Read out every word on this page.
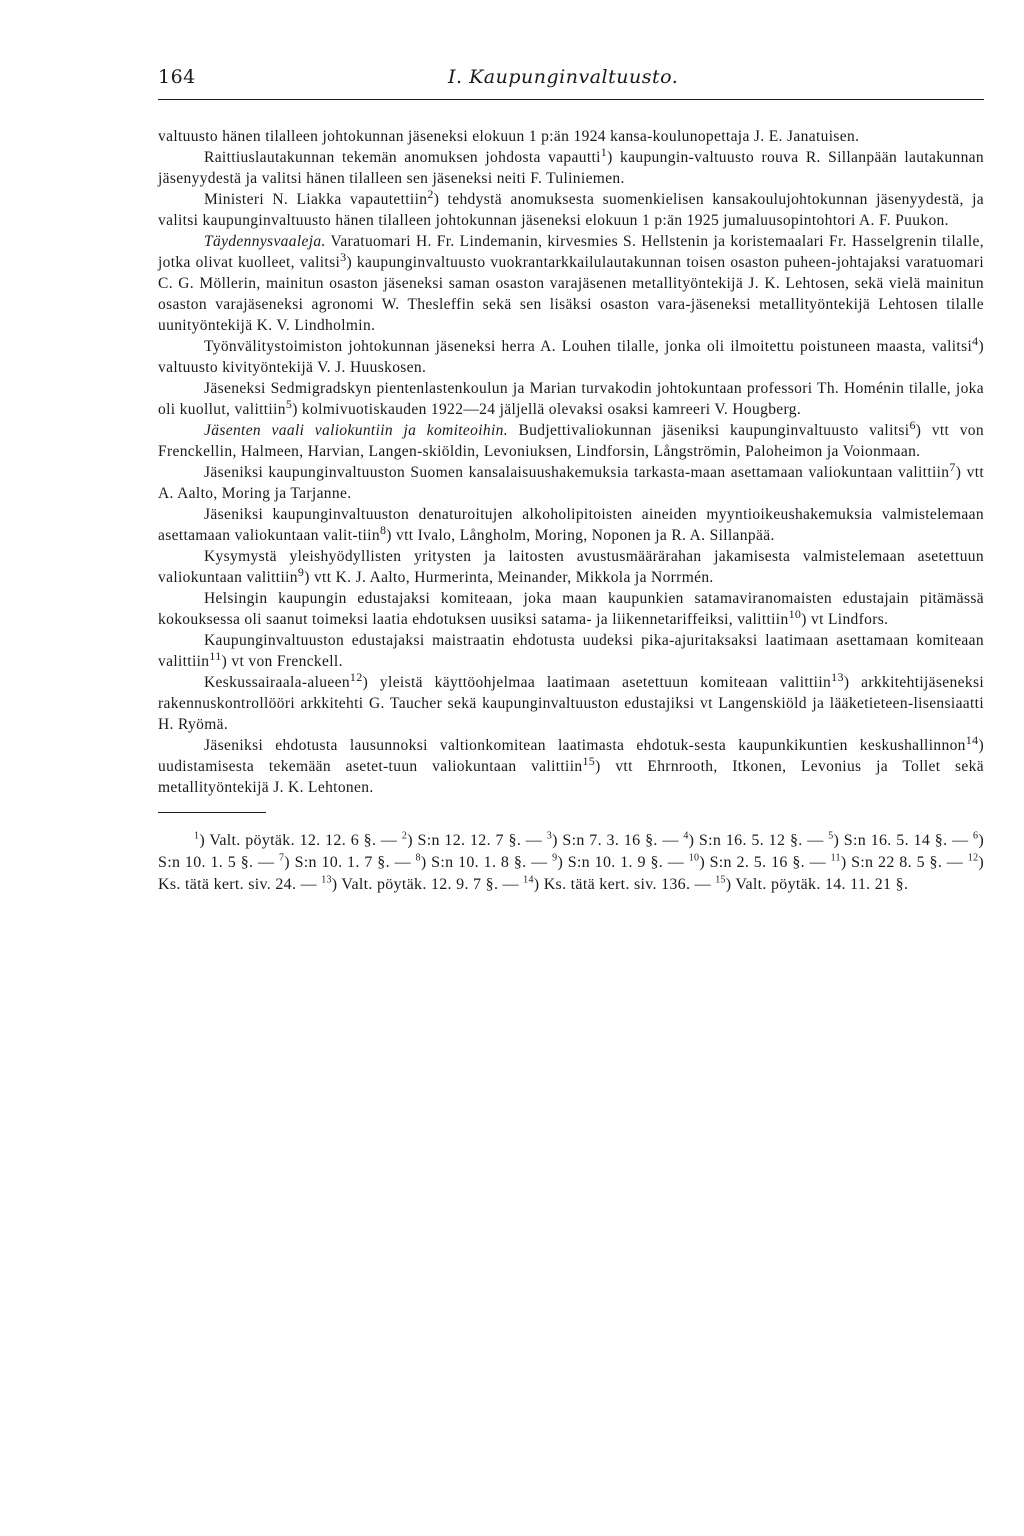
164	I. Kaupunginvaltuusto.

valtuusto hänen tilalleen johtokunnan jäseneksi elokuun 1 p:än 1924 kansa-koulunopettaja J. E. Janatuisen.

Raittiuslautakunnan tekemän anomuksen johdosta vapautti$^1$) kaupungin-valtuusto rouva R. Sillanpään lautakunnan jäsenyydestä ja valitsi hänen tilalleen sen jäseneksi neiti F. Tuliniemen.

Ministeri N. Liakka vapautettiin$^2$) tehdystä anomuksesta suomenkielisen kansakoulujohtokunnan jäsenyydestä, ja valitsi kaupunginvaltuusto hänen tilalleen johtokunnan jäseneksi elokuun 1 p:än 1925 jumaluusopintohtori A. F. Puukon.

Täydennysvaaleja. Varatuomari H. Fr. Lindemanin, kirvesmies S. Hellstenin ja koristemaalari Fr. Hasselgrenin tilalle, jotka olivat kuolleet, valitsi$^3$) kaupunginvaltuusto vuokrantarkkailulautakunnan toisen osaston puheen-johtajaksi varatuomari C. G. Möllerin, mainitun osaston jäseneksi saman osaston varajäsenen metallityöntekijä J. K. Lehtosen, sekä vielä mainitun osaston varajäseneksi agronomi W. Thesleffin sekä sen lisäksi osaston vara-jäseneksi metallityöntekijä Lehtosen tilalle uunityöntekijä K. V. Lindholmin.

Työnvälitystoimiston johtokunnan jäseneksi herra A. Louhen tilalle, jonka oli ilmoitettu poistuneen maasta, valitsi$^4$) valtuusto kivityöntekijä V. J. Huuskosen.

Jäseneksi Sedmigradskyn pientenlastenkoulun ja Marian turvakodin johtokuntaan professori Th. Homénin tilalle, joka oli kuollut, valittiin$^5$) kolmivuotiskauden 1922—24 jäljellä olevaksi osaksi kamreeri V. Hougberg.

Jäsenten vaali valiokuntiin ja komiteoihin. Budjettivaliokunnan jäseniksi kaupunginvaltuusto valitsi$^6$) vtt von Frenckellin, Halmeen, Harvian, Langen-skiöldin, Levoniuksen, Lindforsin, Långströmin, Paloheimon ja Voionmaan.

Jäseniksi kaupunginvaltuuston Suomen kansalaisuushakemuksia tarkasta-maan asettamaan valiokuntaan valittiin$^7$) vtt A. Aalto, Moring ja Tarjanne.

Jäseniksi kaupunginvaltuuston denaturoitujen alkoholipitoisten aineiden myyntioikeushakemuksia valmistelemaan asettamaan valiokuntaan valit-tiin$^8$) vtt Ivalo, Långholm, Moring, Noponen ja R. A. Sillanpää.

Kysymystä yleishyödyllisten yritysten ja laitosten avustusmäärärahan jakamisesta valmistelemaan asetettuun valiokuntaan valittiin$^9$) vtt K. J. Aalto, Hurmerinta, Meinander, Mikkola ja Norrmén.

Helsingin kaupungin edustajaksi komiteaan, joka maan kaupunkien satamaviranomaisten edustajain pitämässä kokouksessa oli saanut toimeksi laatia ehdotuksen uusiksi satama- ja liikennetariffeiksi, valittiin$^{10}$) vt Lindfors.

Kaupunginvaltuuston edustajaksi maistraatin ehdotusta uudeksi pika-ajuritaksaksi laatimaan asettamaan komiteaan valittiin$^{11}$) vt von Frenckell.

Keskussairaala-alueen$^{12}$) yleistä käyttöohjelmaa laatimaan asetettuun komiteaan valittiin$^{13}$) arkkitehtijäseneksi rakennuskontrollööri arkkitehti G. Taucher sekä kaupunginvaltuuston edustajiksi vt Langenskiöld ja lääketieteen-lisensiaatti H. Ryömä.

Jäseniksi ehdotusta lausunnoksi valtionkomitean laatimasta ehdotuk-sesta kaupunkikuntien keskushallinnon$^{14}$) uudistamisesta tekemään asetet-tuun valiokuntaan valittiin$^{15}$) vtt Ehrnrooth, Itkonen, Levonius ja Tollet sekä metallityöntekijä J. K. Lehtonen.

$^1$) Valt. pöytäk. 12. 12. 6 §. — $^2$) S:n 12. 12. 7 §. — $^3$) S:n 7. 3. 16 §. — $^4$) S:n 16. 5. 12 §. — $^5$) S:n 16. 5. 14 §. — $^6$) S:n 10. 1. 5 §. — $^7$) S:n 10. 1. 7 §. — $^8$) S:n 10. 1. 8 §. — $^9$) S:n 10. 1. 9 §. — $^{10}$) S:n 2. 5. 16 §. — $^{11}$) S:n 22 8. 5 §. — $^{12}$) Ks. tätä kert. siv. 24. — $^{13}$) Valt. pöytäk. 12. 9. 7 §. — $^{14}$) Ks. tätä kert. siv. 136. — $^{15}$) Valt. pöytäk. 14. 11. 21 §.
